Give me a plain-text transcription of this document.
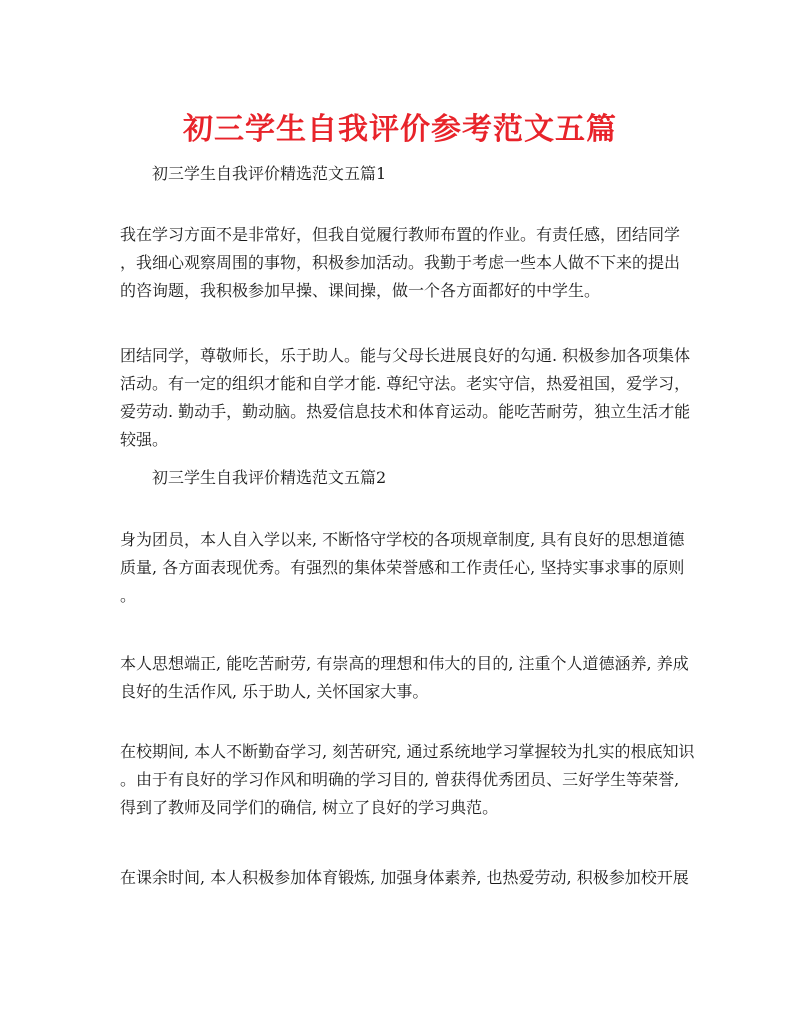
初三学生自我评价参考范文五篇
初三学生自我评价精选范文五篇1
我在学习方面不是非常好，但我自觉履行教师布置的作业。有责任感，团结同学
，我细心观察周围的事物，积极参加活动。我勤于考虑一些本人做不下来的提出
的咨询题，我积极参加早操、课间操，做一个各方面都好的中学生。
团结同学，尊敬师长，乐于助人。能与父母长进展良好的勾通. 积极参加各项集体
活动。有一定的组织才能和自学才能. 尊纪守法。老实守信，热爱祖国，爱学习，
爱劳动. 勤动手，勤动脑。热爱信息技术和体育运动。能吃苦耐劳，独立生活才能
较强。
初三学生自我评价精选范文五篇2
身为团员，本人自入学以来, 不断恪守学校的各项规章制度, 具有良好的思想道德
质量, 各方面表现优秀。有强烈的集体荣誉感和工作责任心, 坚持实事求事的原则
。
本人思想端正, 能吃苦耐劳, 有崇高的理想和伟大的目的, 注重个人道德涵养, 养成
良好的生活作风, 乐于助人, 关怀国家大事。
在校期间, 本人不断勤奋学习, 刻苦研究, 通过系统地学习掌握较为扎实的根底知识
。由于有良好的学习作风和明确的学习目的, 曾获得优秀团员、三好学生等荣誉,
得到了教师及同学们的确信, 树立了良好的学习典范。
在课余时间, 本人积极参加体育锻炼, 加强身体素养, 也热爱劳动, 积极参加校开展
